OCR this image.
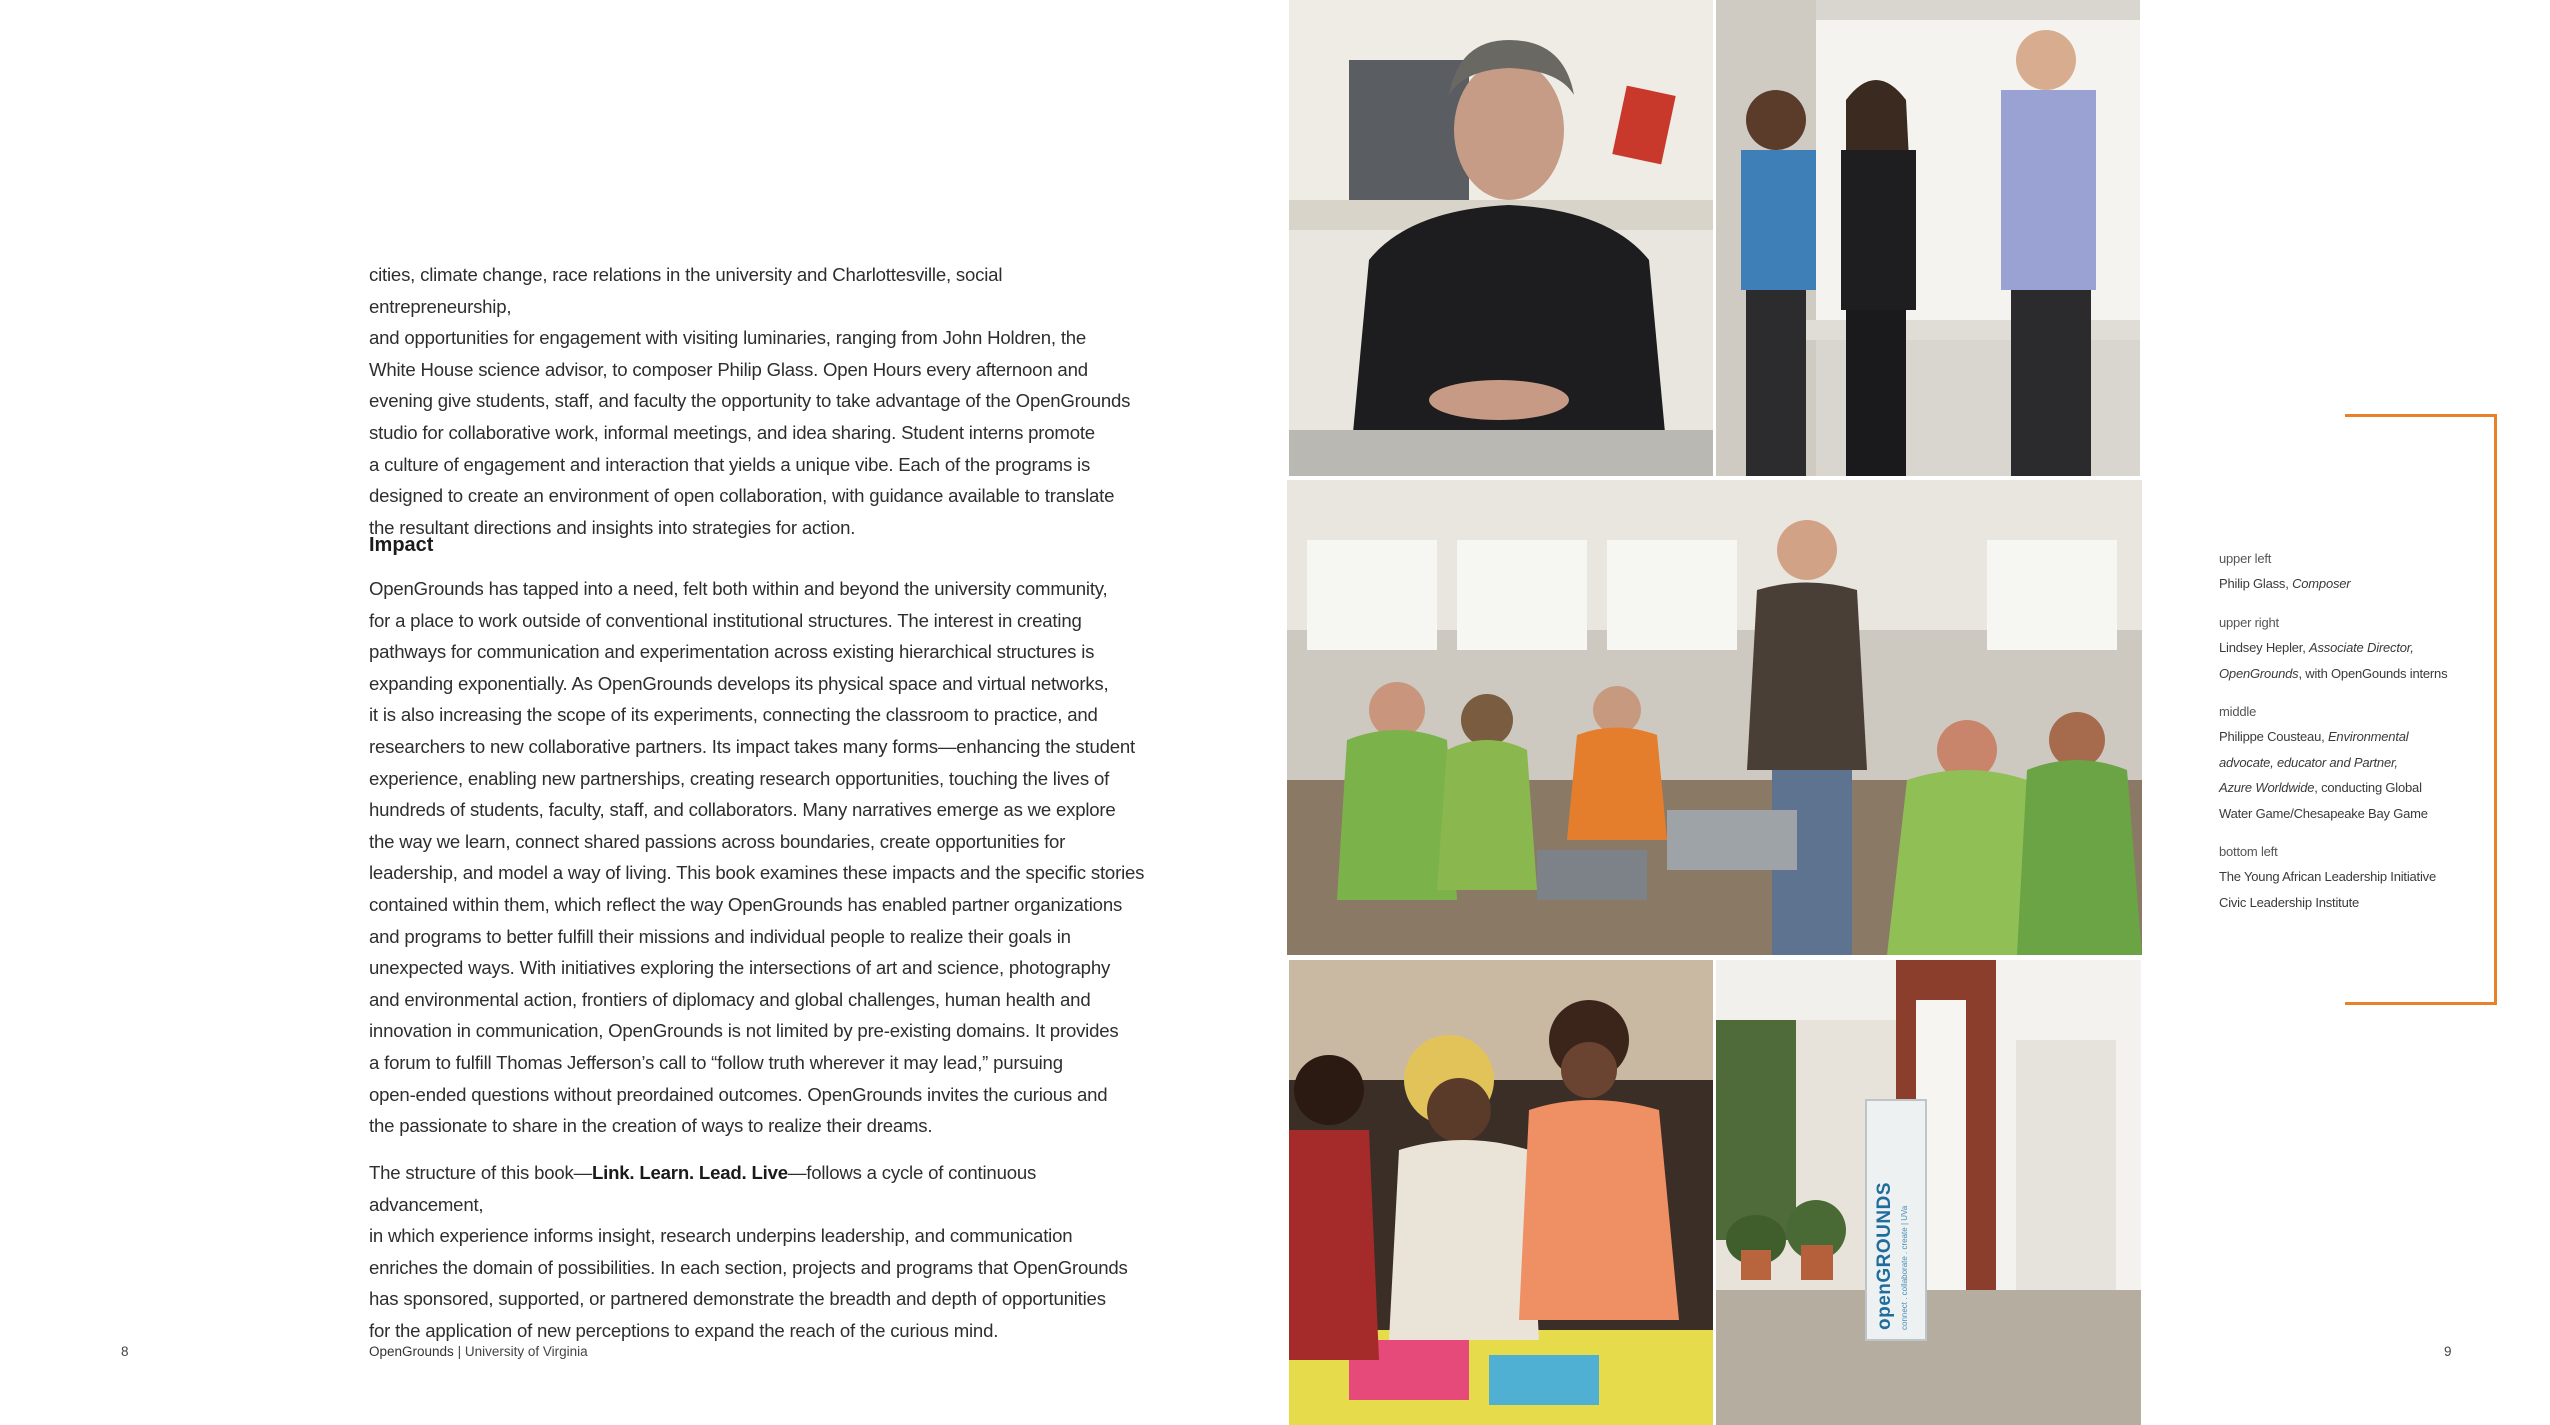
cities, climate change, race relations in the university and Charlottesville, social entrepreneurship,

and opportunities for engagement with visiting luminaries, ranging from John Holdren, the

White House science advisor, to composer Philip Glass. Open Hours every afternoon and

evening give students, staff, and faculty the opportunity to take advantage of the OpenGrounds

studio for collaborative work, informal meetings, and idea sharing. Student interns promote

a culture of engagement and interaction that yields a unique vibe. Each of the programs is

designed to create an environment of open collaboration, with guidance available to translate

the resultant directions and insights into strategies for action.

Impact

OpenGrounds has tapped into a need, felt both within and beyond the university community,

for a place to work outside of conventional institutional structures. The interest in creating

pathways for communication and experimentation across existing hierarchical structures is

expanding exponentially. As OpenGrounds develops its physical space and virtual networks,

it is also increasing the scope of its experiments, connecting the classroom to practice, and

researchers to new collaborative partners. Its impact takes many forms—enhancing the student

experience, enabling new partnerships, creating research opportunities, touching the lives of

hundreds of students, faculty, staff, and collaborators. Many narratives emerge as we explore

the way we learn, connect shared passions across boundaries, create opportunities for

leadership, and model a way of living. This book examines these impacts and the specific stories

contained within them, which reflect the way OpenGrounds has enabled partner organizations

and programs to better fulfill their missions and individual people to realize their goals in

unexpected ways. With initiatives exploring the intersections of art and science, photography

and environmental action, frontiers of diplomacy and global challenges, human health and

innovation in communication, OpenGrounds is not limited by pre-existing domains. It provides

a forum to fulfill Thomas Jefferson’s call to “follow truth wherever it may lead,” pursuing

open-ended questions without preordained outcomes. OpenGrounds invites the curious and

the passionate to share in the creation of ways to realize their dreams.

The structure of this book—Link. Learn. Lead. Live—follows a cycle of continuous advancement,

in which experience informs insight, research underpins leadership, and communication

enriches the domain of possibilities. In each section, projects and programs that OpenGrounds

has sponsored, supported, or partnered demonstrate the breadth and depth of opportunities

for the application of new perceptions to expand the reach of the curious mind.

8	OpenGrounds | University of Virginia
openGROUNDS connect . collaborate . create | UVa
upper left
Philip Glass, Composer
upper right
Lindsey Hepler, Associate Director,
OpenGrounds, with OpenGounds interns
middle
Philippe Cousteau, Environmental
advocate, educator and Partner,
Azure Worldwide, conducting Global
Water Game/Chesapeake Bay Game
bottom left
The Young African Leadership Initiative
Civic Leadership Institute
9
